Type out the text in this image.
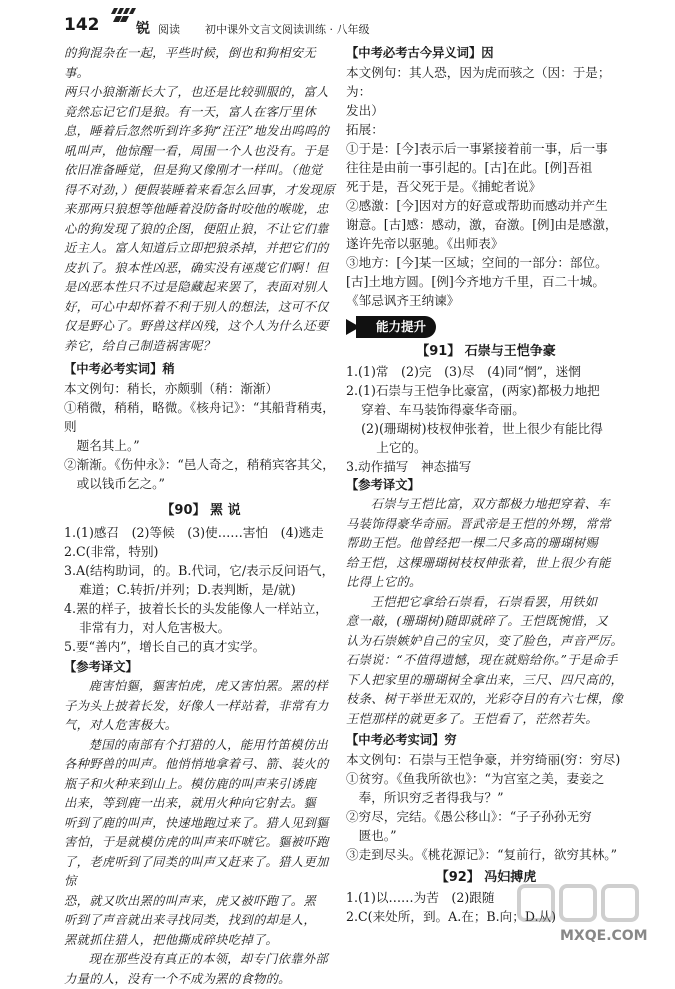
142	锐 阅读 初中课外文言文阅读训练 · 八年级
的狗混杂在一起，平些时候，倒也和狗相安无事。
两只小狼渐渐长大了，也还是比较驯服的，富人
竟然忘记它们是狼。有一天，富人在客厅里休
息，睡着后忽然听到许多狗“汪汪”地发出呜呜的
吼叫声，他惊醒一看，周围一个人也没有。于是
依旧准备睡觉，但是狗又像刚才一样叫。（他觉
得不对劲，）便假装睡着来看怎么回事，才发现原
来那两只狼想等他睡着没防备时咬他的喉咙，忠
心的狗发现了狼的企图，便阻止狼，不让它们靠
近主人。富人知道后立即把狼杀掉，并把它们的
皮扒了。狼本性凶恶，确实没有诬蔑它们啊！但
是凶恶本性只不过是隐藏起来罢了，表面对别人
好，可心中却怀着不利于别人的想法，这可不仅
仅是野心了。野兽这样凶残，这个人为什么还要
养它，给自己制造祸害呢？
【中考必考实词】稍
本文例句：稍长，亦颇驯（稍：渐渐）
①稍微，稍稍，略微。《核舟记》：“其船背稍夷，则
题名其上。”
②渐渐。《伤仲永》：“邑人奇之，稍稍宾客其父，
或以钱币乞之。”
【90】 罴 说
1.(1)感召　(2)等候　(3)使……害怕　(4)逃走
2.C(非常，特别)
3.A(结构助词，的。B.代词，它/表示反问语气，
难道；C.转折/并列；D.表判断，是/就)
4.罴的样子，披着长长的头发能像人一样站立，
非常有力，对人危害极大。
5.要“善内”，增长自己的真才实学。
【参考译文】
鹿害怕貙，貙害怕虎，虎又害怕罴。罴的样
子为头上披着长发，好像人一样站着，非常有力
气，对人危害极大。
楚国的南部有个打猎的人，能用竹笛模仿出
各种野兽的叫声。他悄悄地拿着弓、箭、装火的
瓶子和火种来到山上。模仿鹿的叫声来引诱鹿
出来，等到鹿一出来，就用火种向它射去。貙
听到了鹿的叫声，快速地跑过来了。猎人见到貙
害怕，于是就模仿虎的叫声来吓唬它。貙被吓跑
了，老虎听到了同类的叫声又赶来了。猎人更加惊
恐，就又吹出罴的叫声来，虎又被吓跑了。罴
听到了声音就出来寻找同类，找到的却是人，
罴就抓住猎人，把他撕成碎块吃掉了。
现在那些没有真正的本领，却专门依靠外部
力量的人，没有一个不成为罴的食物的。
【中考必考古今异义词】因
本文例句：其人恐，因为虎而骇之（因：于是；为：
发出）
拓展：
①于是：[今]表示后一事紧接着前一事，后一事
往往是由前一事引起的。[古]在此。[例]吾祖
死于是，吾父死于是。《捕蛇者说》
②感激：[今]因对方的好意或帮助而感动并产生
谢意。[古]感：感动，激，奋激。[例]由是感激，
遂许先帝以驱驰。《出师表》
③地方：[今]某一区域；空间的一部分：部位。
[古]土地方圆。[例]今齐地方千里，百二十城。
《邹忌讽齐王纳谏》
能力提升
【91】 石崇与王恺争豪
1.(1)常　(2)完　(3)尽　(4)同“惘”，迷惘
2.(1)石崇与王恺争比豪富，(两家)都极力地把
穿着、车马装饰得豪华奇丽。
(2)(珊瑚树)枝杈伸张着，世上很少有能比得
上它的。
3.动作描写　神态描写
【参考译文】
石崇与王恺比富，双方都极力地把穿着、车
马装饰得豪华奇丽。晋武帝是王恺的外甥，常常
帮助王恺。他曾经把一棵二尺多高的珊瑚树赐
给王恺，这棵珊瑚树枝杈伸张着，世上很少有能
比得上它的。
王恺把它拿给石崇看，石崇看罢，用铁如
意一敲，(珊瑚树)随即就碎了。王恺既惋惜，又
认为石崇嫉妒自己的宝贝，变了脸色，声音严厉。
石崇说：“不值得遗憾，现在就赔给你。”于是命手
下人把家里的珊瑚树全拿出来，三尺、四尺高的，
枝条、树干举世无双的，光彩夺目的有六七棵，像
王恺那样的就更多了。王恺看了，茫然若失。
【中考必考实词】穷
本文例句：石崇与王恺争豪，并穷绮丽(穷：穷尽)
①贫穷。《鱼我所欲也》：“为宫室之美，妻妾之
奉，所识穷乏者得我与？”
②穷尽，完结。《愚公移山》：“子子孙孙无穷
匮也。”
③走到尽头。《桃花源记》：“复前行，欲穷其林。”
【92】 冯妇搏虎
1.(1)以……为苦　(2)跟随
2.C(来处所，到。A.在；B.向；D.从)
MXQE.COM
